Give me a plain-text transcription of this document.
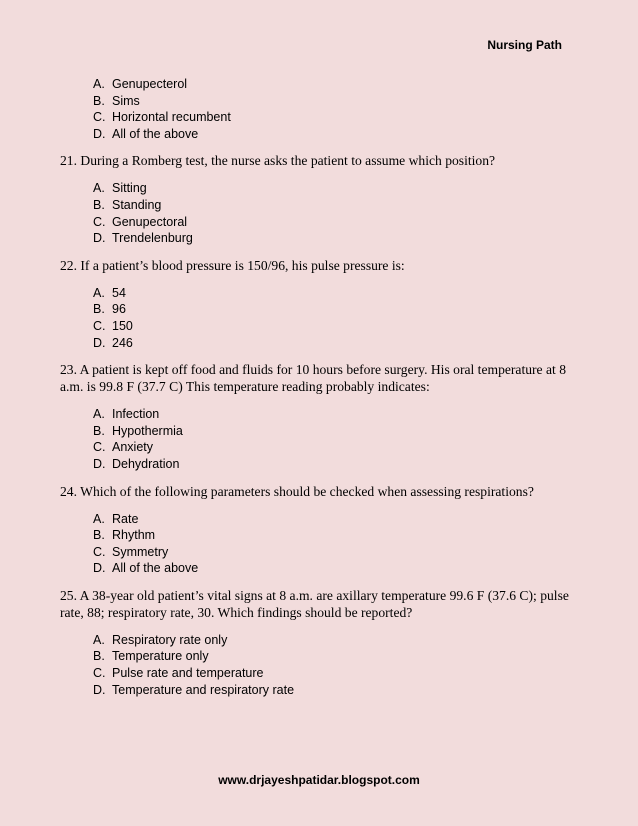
Nursing Path
A. Genupecterol
B. Sims
C. Horizontal recumbent
D. All of the above

21. During a Romberg test, the nurse asks the patient to assume which position?

A. Sitting
B. Standing
C. Genupectoral
D. Trendelenburg

22. If a patient’s blood pressure is 150/96, his pulse pressure is:

A. 54
B. 96
C. 150
D. 246

23. A patient is kept off food and fluids for 10 hours before surgery. His oral temperature at 8 a.m. is 99.8 F (37.7 C) This temperature reading probably indicates:

A. Infection
B. Hypothermia
C. Anxiety
D. Dehydration

24. Which of the following parameters should be checked when assessing respirations?

A. Rate
B. Rhythm
C. Symmetry
D. All of the above

25. A 38-year old patient’s vital signs at 8 a.m. are axillary temperature 99.6 F (37.6 C); pulse rate, 88; respiratory rate, 30. Which findings should be reported?

A. Respiratory rate only
B. Temperature only
C. Pulse rate and temperature
D. Temperature and respiratory rate
www.drjayeshpatidar.blogspot.com
